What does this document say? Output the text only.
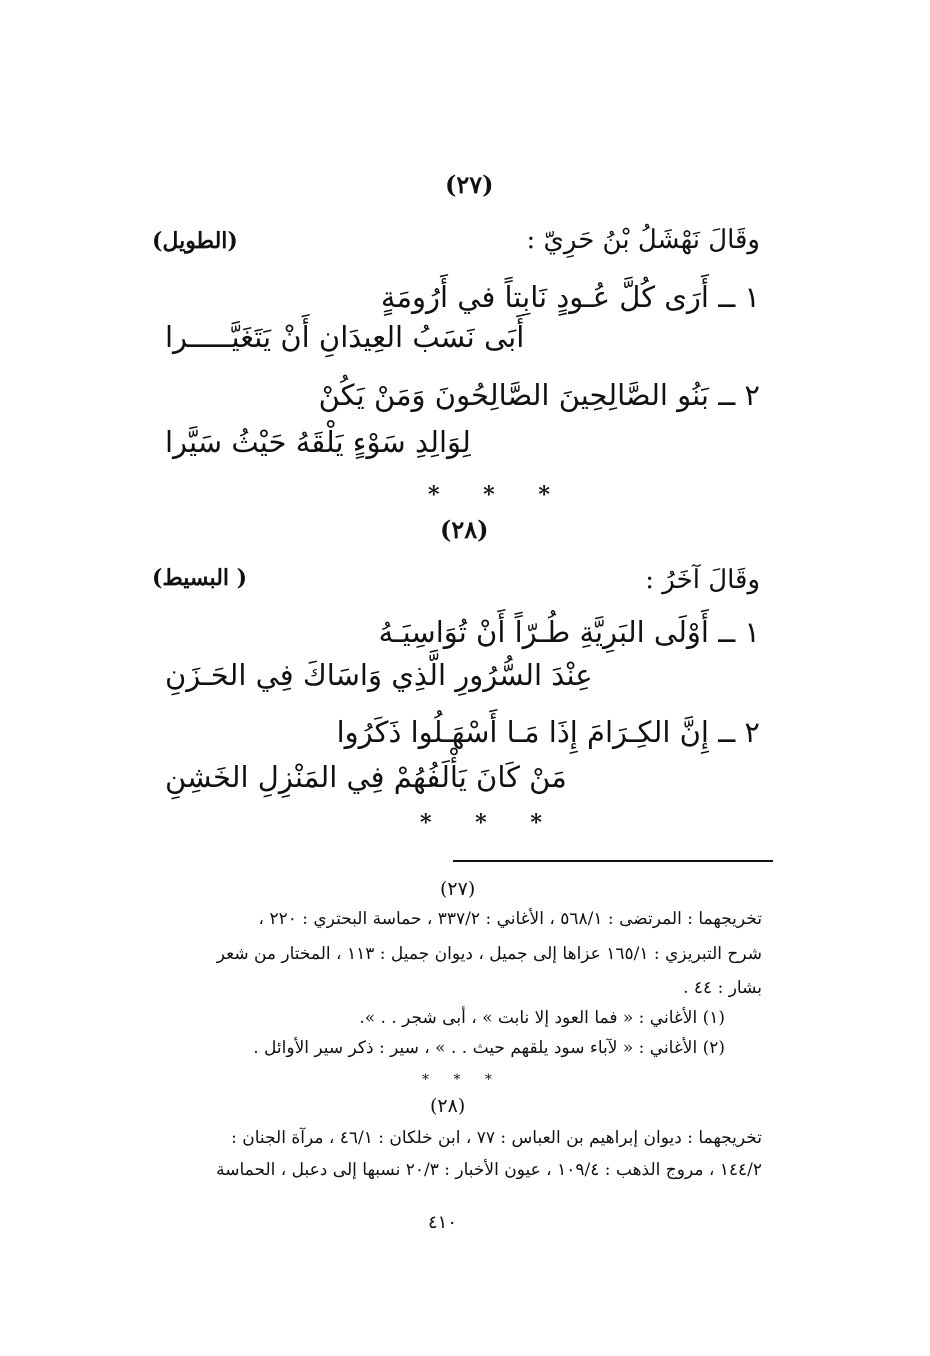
(٢٧)
وقَالَ نَهْشَلُ بْنُ حَرِيّ :
(الطويل)
١ ــ أَرَى كُلَّ عُـودٍ نَابِتاً في أَرُومَةٍ
أَبَى نَسَبُ العِيدَانِ أَنْ يَتَغَيَّـــــرا
٢ ــ بَنُو الصَّالِحِينَ الصَّالِحُونَ وَمَنْ يَكُنْ
لِوَالِدِ سَوْءٍ يَلْقَهُ حَيْثُ سَيَّرا
* * *
(٢٨)
وقَالَ آخَرُ :
( البسيط)
١ ــ أَوْلَى البَرِيَّةِ طُـرّاً أَنْ تُوَاسِيَـهُ
عِنْدَ السُّرُورِ الَّذِي وَاسَاكَ فِي الحَـزَنِ
٢ ــ إِنَّ الكِـرَامَ إِذَا مَـا أَسْهَـلُوا ذَكَرُوا
مَنْ كَانَ يَأْلَفُهُمْ فِي المَنْزِلِ الخَشِنِ
* * *
(٢٧)
تخريجهما : المرتضى : ٥٦٨/١ ، الأغاني : ٣٣٧/٢ ، حماسة البحتري : ٢٢٠ ،
شرح التبريزي : ١٦٥/١ عزاها إلى جميل ، ديوان جميل : ١١٣ ، المختار من شعر
بشار : ٤٤ .
(١) الأغاني : « فما العود إلا نابت » ، أبى شجر . . ».
(٢) الأغاني : « لآباء سود يلقهم حيث . . » ، سير : ذكر سير الأوائل .
* * *
(٢٨)
تخريجهما : ديوان إبراهيم بن العباس : ٧٧ ، ابن خلكان : ٤٦/١ ، مرآة الجنان :
١٤٤/٢ ، مروج الذهب : ١٠٩/٤ ، عيون الأخبار : ٢٠/٣ نسبها إلى دعبل ، الحماسة
٤١٠
